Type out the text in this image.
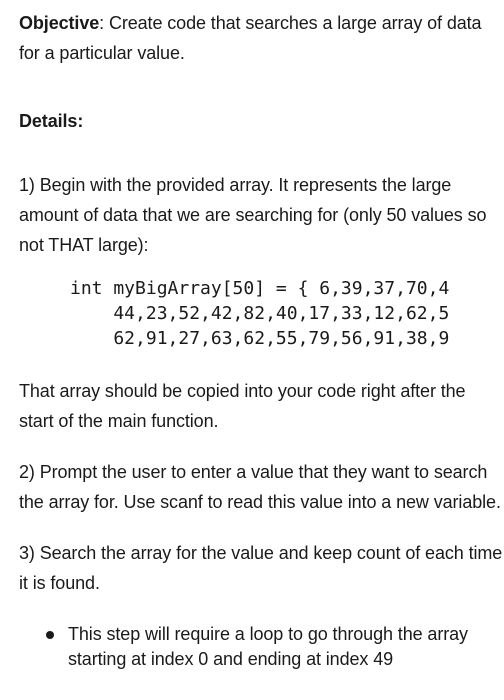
Objective: Create code that searches a large array of data for a particular value.

Details:

1) Begin with the provided array. It represents the large amount of data that we are searching for (only 50 values so not THAT large):

int myBigArray[50] = { 6,39,37,70,4
44,23,52,42,82,40,17,33,12,62,5
62,91,27,63,62,55,79,56,91,38,9

That array should be copied into your code right after the start of the main function.

2) Prompt the user to enter a value that they want to search the array for. Use scanf to read this value into a new variable.

3) Search the array for the value and keep count of each time it is found.

This step will require a loop to go through the array starting at index 0 and ending at index 49
